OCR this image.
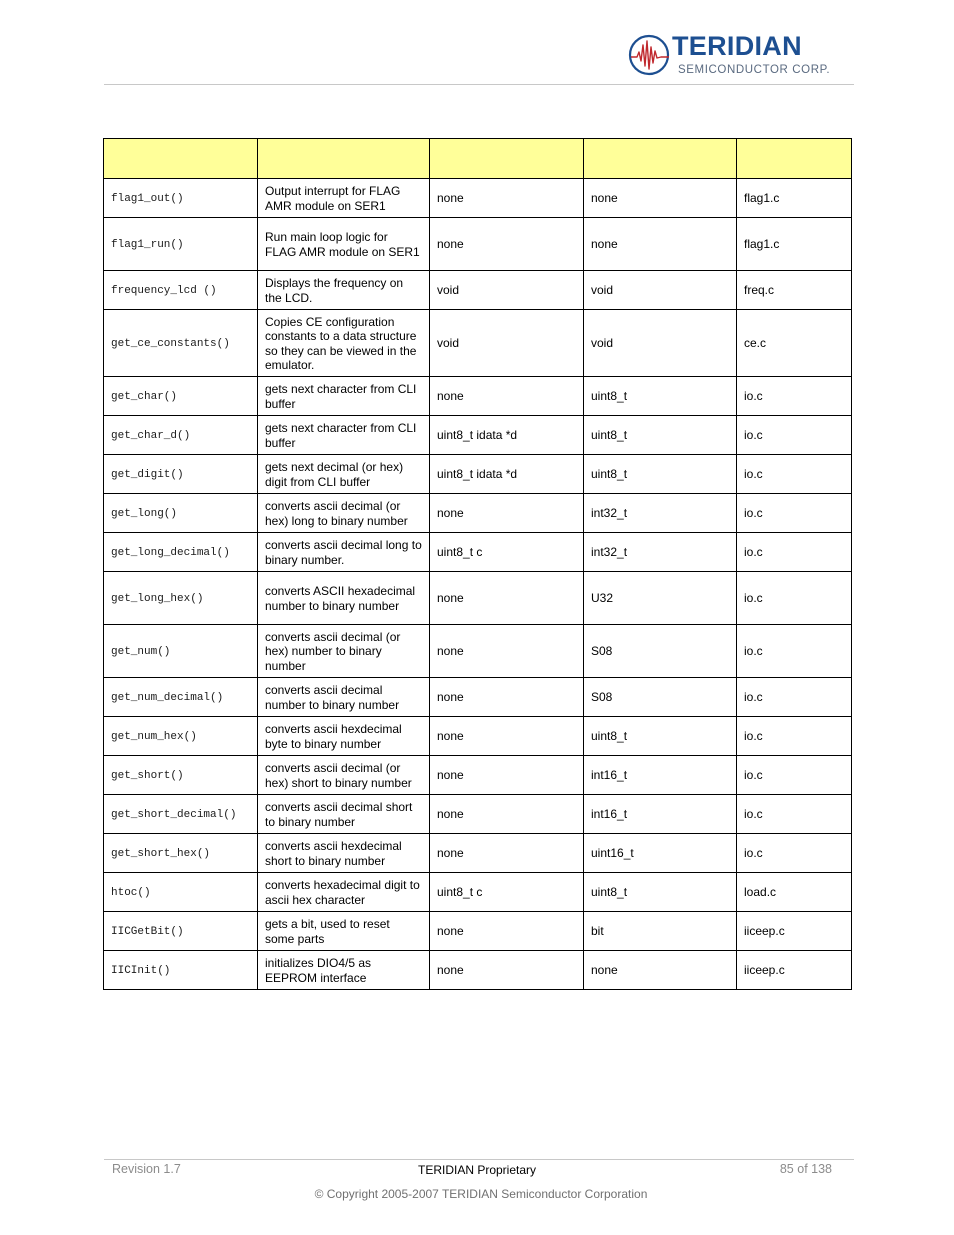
TERIDIAN
SEMICONDUCTOR CORP.

flag1_out()	Output interrupt for FLAG AMR module on SER1	none	none	flag1.c
flag1_run()	Run main loop logic for FLAG AMR module on SER1	none	none	flag1.c
frequency_lcd ()	Displays the frequency on the LCD.	void	void	freq.c
get_ce_constants()	Copies CE configuration constants to a data structure so they can be viewed in the emulator.	void	void	ce.c
get_char()	gets next character from CLI buffer	none	uint8_t	io.c
get_char_d()	gets next character from CLI buffer	uint8_t idata *d	uint8_t	io.c
get_digit()	gets next decimal (or hex) digit from CLI buffer	uint8_t idata *d	uint8_t	io.c
get_long()	converts ascii decimal (or hex) long to binary number	none	int32_t	io.c
get_long_decimal()	converts ascii decimal long to binary number.	uint8_t c	int32_t	io.c
get_long_hex()	converts ASCII hexadecimal number to binary number	none	U32	io.c
get_num()	converts ascii decimal (or hex) number to binary number	none	S08	io.c
get_num_decimal()	converts ascii decimal number to binary number	none	S08	io.c
get_num_hex()	converts ascii hexdecimal byte to binary number	none	uint8_t	io.c
get_short()	converts ascii decimal (or hex) short to binary number	none	int16_t	io.c
get_short_decimal()	converts ascii decimal short to binary number	none	int16_t	io.c
get_short_hex()	converts ascii hexdecimal short to binary number	none	uint16_t	io.c
htoc()	converts hexadecimal digit to ascii hex character	uint8_t c	uint8_t	load.c
IICGetBit()	gets a bit, used to reset some parts	none	bit	iiceep.c
IICInit()	initializes DIO4/5 as EEPROM interface	none	none	iiceep.c
Revision 1.7	TERIDIAN Proprietary	85 of 138
© Copyright 2005-2007 TERIDIAN Semiconductor Corporation
